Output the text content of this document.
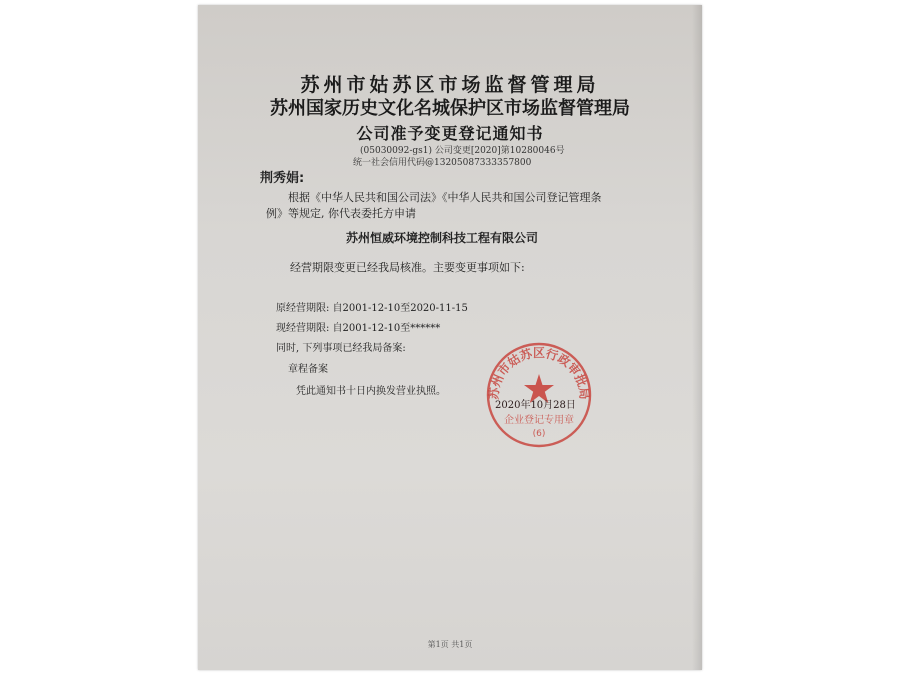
苏州市姑苏区市场监督管理局
苏州国家历史文化名城保护区市场监督管理局
公司准予变更登记通知书
(05030092-gs1) 公司变更[2020]第10280046号
统一社会信用代码@13205087333357800
荆秀娟:
根据《中华人民共和国公司法》《中华人民共和国公司登记管理条
例》等规定, 你代表委托方申请
苏州恒威环境控制科技工程有限公司
经营期限变更已经我局核准。主要变更事项如下:
原经营期限: 自2001-12-10至2020-11-15
现经营期限: 自2001-12-10至******
同时, 下列事项已经我局备案:
章程备案
凭此通知书十日内换发营业执照。	苏州市姑苏区行政审批局
企业登记专用章
(6)
2020年10月28日
第1页 共1页
